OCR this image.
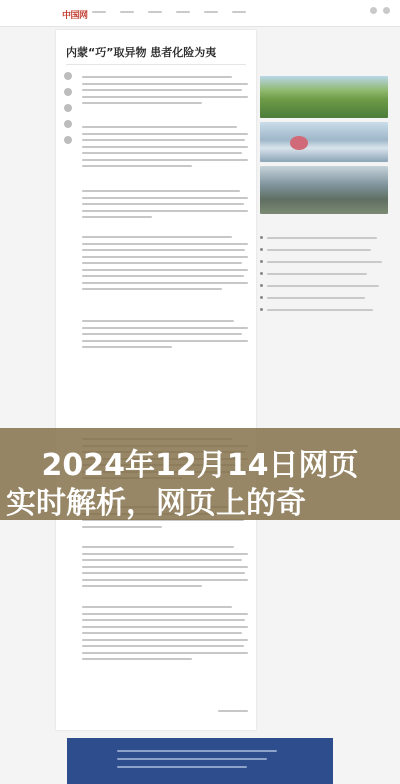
中国网
内蒙“巧”取异物 患者化险为夷
2024年12月14日网页
实时解析，网页上的奇
